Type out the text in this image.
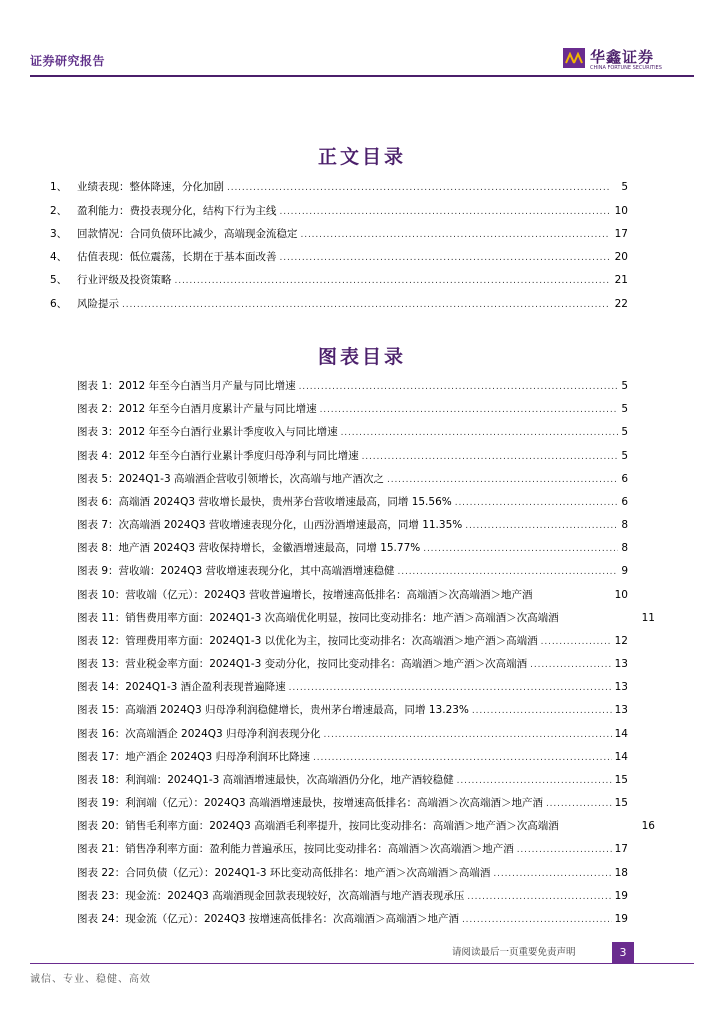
证券研究报告	华鑫证券
CHINA FORTUNE SECURITIES
正文目录
1、 业绩表现：整体降速，分化加剧 . . .	5
2、 盈利能力：费投表现分化，结构下行为主线 . . .	10
3、 回款情况：合同负债环比减少，高端现金流稳定 . . .	17
4、 估值表现：低位震荡，长期在于基本面改善 . . .	20
5、 行业评级及投资策略 . . .	21
6、 风险提示 . . .	22
图表目录
图表 1：2012 年至今白酒当月产量与同比增速 . . .	5
图表 2：2012 年至今白酒月度累计产量与同比增速 . . .	5
图表 3：2012 年至今白酒行业累计季度收入与同比增速 . . .	5
图表 4：2012 年至今白酒行业累计季度归母净利与同比增速 . . .	5
图表 5：2024Q1-3 高端酒企营收引领增长，次高端与地产酒次之 . . .	6
图表 6：高端酒 2024Q3 营收增长最快，贵州茅台营收增速最高，同增 15.56% . . .	6
图表 7：次高端酒 2024Q3 营收增速表现分化，山西汾酒增速最高，同增 11.35% . . .	8
图表 8：地产酒 2024Q3 营收保持增长，金徽酒增速最高，同增 15.77% . . .	8
图表 9：营收端：2024Q3 营收增速表现分化，其中高端酒增速稳健 . . .	9
图表 10：营收端（亿元）：2024Q3 营收普遍增长，按增速高低排名：高端酒＞次高端酒＞地产酒	10
图表 11：销售费用率方面：2024Q1-3 次高端优化明显，按同比变动排名：地产酒＞高端酒＞次高端酒	11
图表 12：管理费用率方面：2024Q1-3 以优化为主，按同比变动排名：次高端酒＞地产酒＞高端酒 . . .	12
图表 13：营业税金率方面：2024Q1-3 变动分化，按同比变动排名：高端酒＞地产酒＞次高端酒 . . .	13
图表 14：2024Q1-3 酒企盈利表现普遍降速 . . .	13
图表 15：高端酒 2024Q3 归母净利润稳健增长，贵州茅台增速最高，同增 13.23% . . .	13
图表 16：次高端酒企 2024Q3 归母净利润表现分化 . . .	14
图表 17：地产酒企 2024Q3 归母净利润环比降速 . . .	14
图表 18：利润端：2024Q1-3 高端酒增速最快，次高端酒仍分化，地产酒较稳健 . . .	15
图表 19：利润端（亿元）：2024Q3 高端酒增速最快，按增速高低排名：高端酒＞次高端酒＞地产酒 . . .	15
图表 20：销售毛利率方面：2024Q3 高端酒毛利率提升，按同比变动排名：高端酒＞地产酒＞次高端酒	16
图表 21：销售净利率方面：盈利能力普遍承压，按同比变动排名：高端酒＞次高端酒＞地产酒 . . .	17
图表 22：合同负债（亿元）：2024Q1-3 环比变动高低排名：地产酒＞次高端酒＞高端酒 . . .	18
图表 23：现金流：2024Q3 高端酒现金回款表现较好，次高端酒与地产酒表现承压 . . .	19
图表 24：现金流（亿元）：2024Q3 按增速高低排名：次高端酒＞高端酒＞地产酒 . . .	19
请阅读最后一页重要免责声明	3
诚信、专业、稳健、高效
